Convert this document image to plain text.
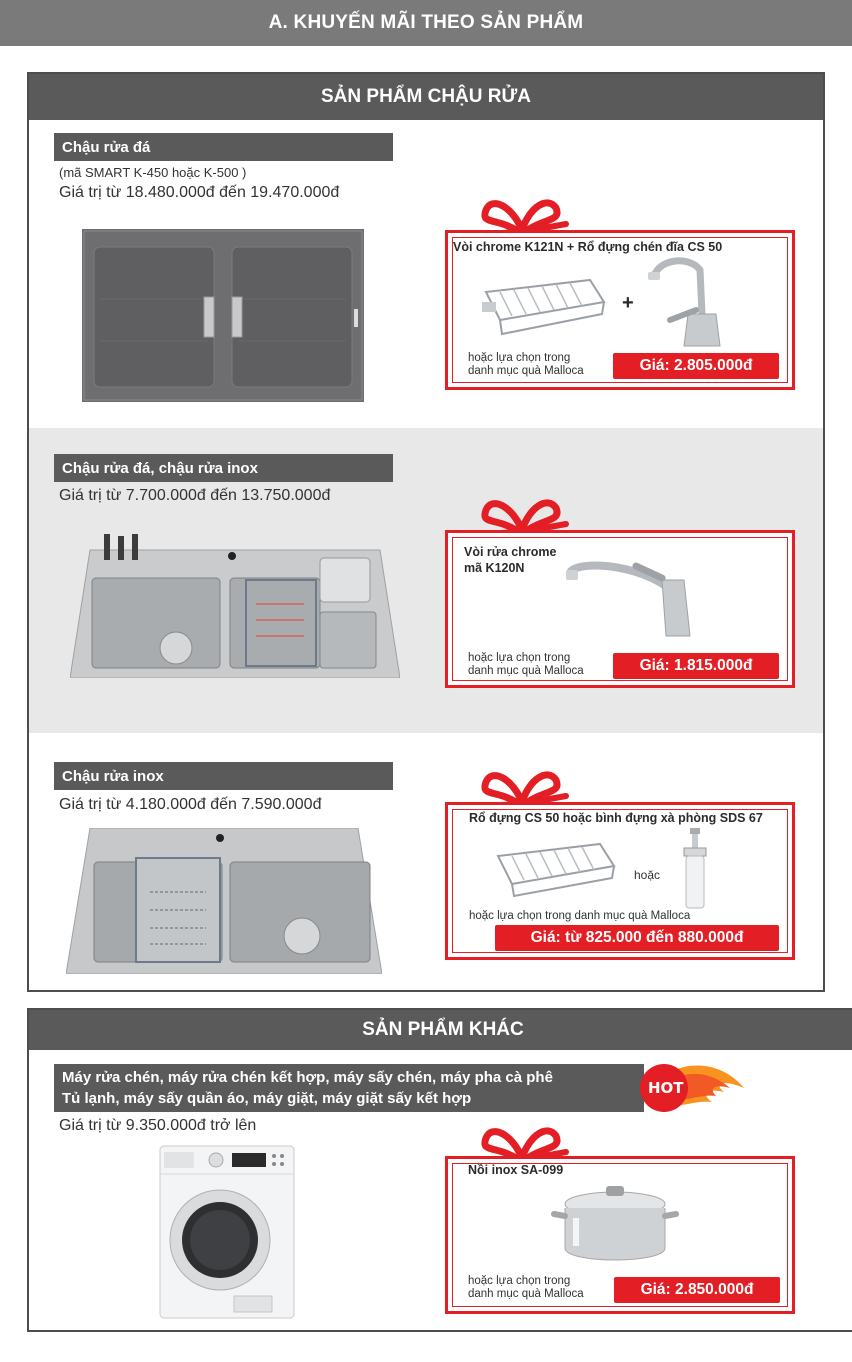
A. KHUYẾN MÃI THEO SẢN PHẨM
SẢN PHẨM CHẬU RỬA
Chậu rửa đá
(mã SMART K-450 hoặc K-500 )
Giá trị từ 18.480.000đ đến 19.470.000đ
Vòi chrome K121N + Rổ đựng chén đĩa CS 50
+
hoặc lựa chọn trong
danh mục quà Malloca	Giá: 2.805.000đ
Chậu rửa đá, chậu rửa inox
Giá trị từ 7.700.000đ đến 13.750.000đ
Vòi rửa chrome
mã K120N
hoặc lựa chọn trong
danh mục quà Malloca	Giá: 1.815.000đ
Chậu rửa inox
Giá trị từ 4.180.000đ đến 7.590.000đ
Rổ đựng CS 50 hoặc bình đựng xà phòng SDS 67
hoặc
hoặc lựa chọn trong danh mục quà Malloca
Giá: từ 825.000 đến 880.000đ
SẢN PHẨM KHÁC
Máy rửa chén, máy rửa chén kết hợp, máy sấy chén, máy pha cà phê
Tủ lạnh, máy sấy quần áo, máy giặt, máy giặt sấy kết hợp
HOT
Giá trị từ 9.350.000đ trở lên
Nồi inox SA-099
hoặc lựa chọn trong
danh mục quà Malloca	Giá: 2.850.000đ
